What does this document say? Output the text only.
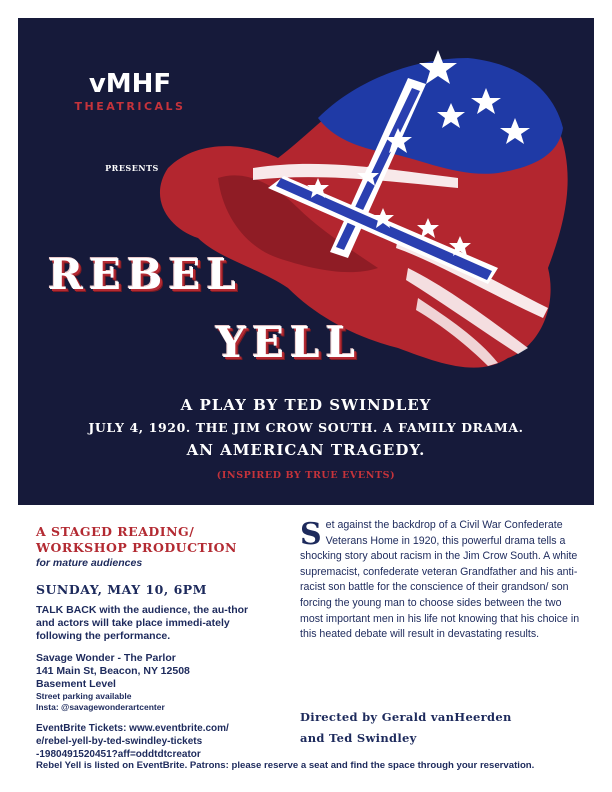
vMHF
THEATRICALS
PRESENTS
REBEL
YELL
A PLAY BY TED SWINDLEY
JULY 4, 1920. THE JIM CROW SOUTH. A FAMILY DRAMA.
AN AMERICAN TRAGEDY.
(INSPIRED BY TRUE EVENTS)
A STAGED READING/
WORKSHOP PRODUCTION
for mature audiences
SUNDAY, MAY 10, 6PM
TALK BACK with the audience, the au-thor and actors will take place immedi-ately following the performance.
Savage Wonder - The Parlor
141 Main St, Beacon, NY 12508
Basement Level
Street parking available
Insta: @savagewonderartcenter
EventBrite Tickets: www.eventbrite.com/
e/rebel-yell-by-ted-swindley-tickets
-198049152045​1?aff=oddtdtcreator
Set against the backdrop of a Civil War Confederate Veterans Home in 1920, this powerful drama tells a shocking story about racism in the Jim Crow South. A white supremacist, confederate veteran Grandfather and his anti-racist son battle for the conscience of their grandson/ son forcing the young man to choose sides between the two most important men in his life not knowing that his choice in this heated debate will result in devastating results.
Directed by Gerald vanHeerden
and Ted Swindley
Rebel Yell is listed on EventBrite. Patrons: please reserve a seat and find the space through your reservation.
